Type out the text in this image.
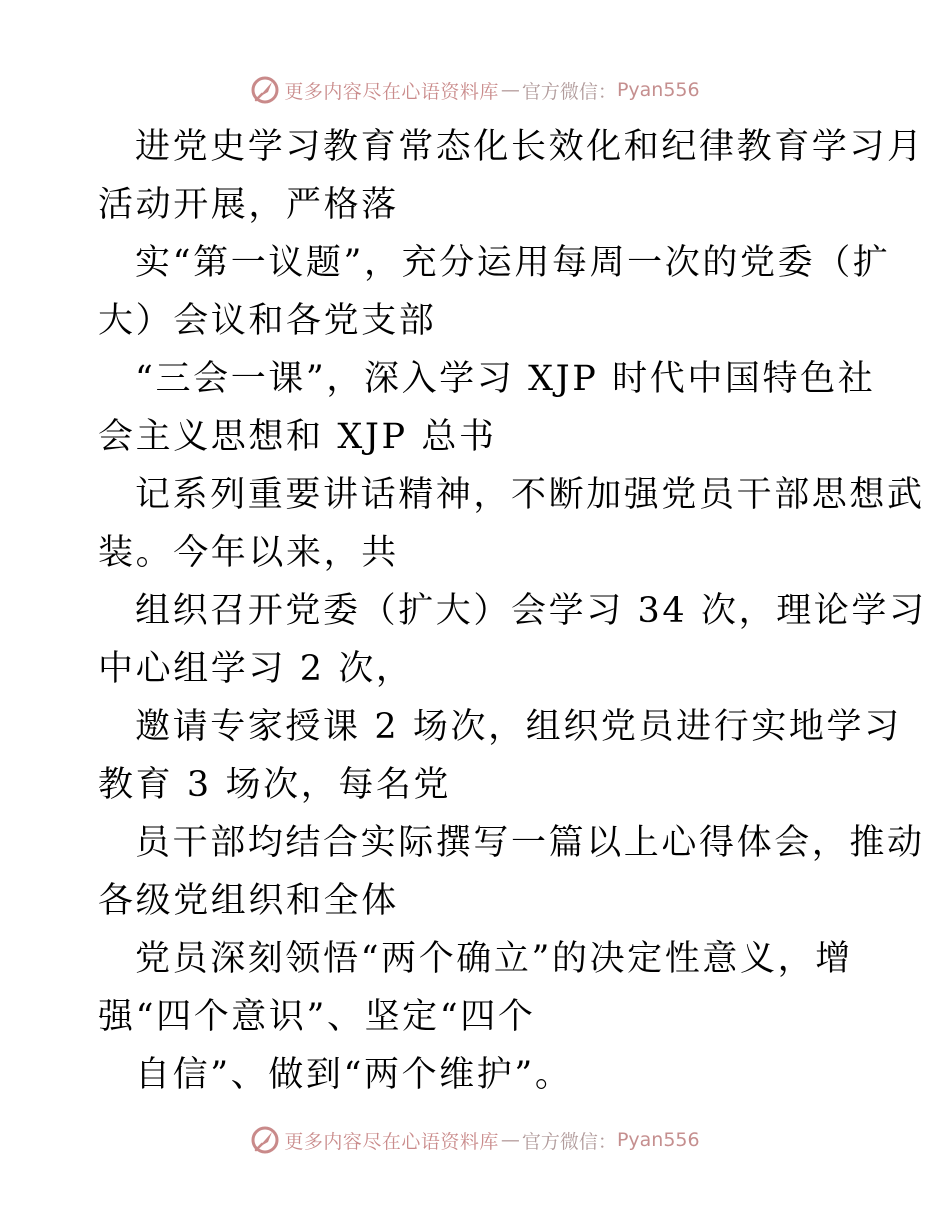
更多内容尽在心语资料库 — 官方微信： Pyan556
进党史学习教育常态化长效化和纪律教育学习月
活动开展，严格落
实“第一议题”，充分运用每周一次的党委（扩
大）会议和各党支部
“三会一课”，深入学习 XJP 时代中国特色社
会主义思想和 XJP 总书
记系列重要讲话精神，不断加强党员干部思想武
装。今年以来，共
组织召开党委（扩大）会学习 34 次，理论学习
中心组学习 2 次，
邀请专家授课 2 场次，组织党员进行实地学习
教育 3 场次，每名党
员干部均结合实际撰写一篇以上心得体会，推动
各级党组织和全体
党员深刻领悟“两个确立”的决定性意义，增
强“四个意识”、坚定“四个
自信”、做到“两个维护”。
更多内容尽在心语资料库 — 官方微信： Pyan556
